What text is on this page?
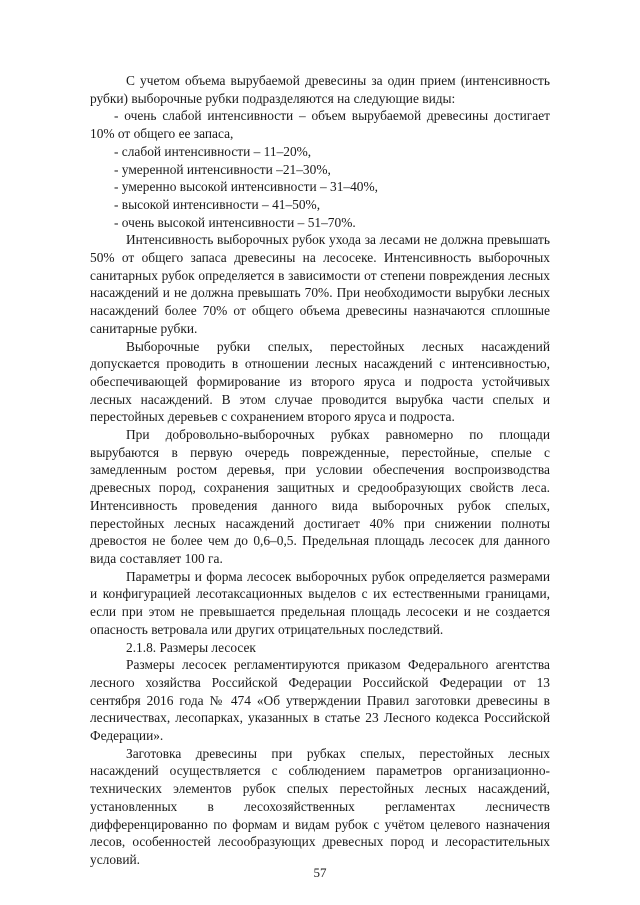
С учетом объема вырубаемой древесины за один прием (интенсивность рубки) выборочные рубки подразделяются на следующие виды:

- очень слабой интенсивности – объем вырубаемой древесины достигает 10% от общего ее запаса,

- слабой интенсивности – 11–20%,

- умеренной интенсивности –21–30%,

- умеренно высокой интенсивности – 31–40%,

- высокой интенсивности – 41–50%,

- очень высокой интенсивности – 51–70%.

Интенсивность выборочных рубок ухода за лесами не должна превышать 50% от общего запаса древесины на лесосеке. Интенсивность выборочных санитарных рубок определяется в зависимости от степени повреждения лесных насаждений и не должна превышать 70%. При необходимости вырубки лесных насаждений более 70% от общего объема древесины назначаются сплошные санитарные рубки.

Выборочные рубки спелых, перестойных лесных насаждений допускается проводить в отношении лесных насаждений с интенсивностью, обеспечивающей формирование из второго яруса и подроста устойчивых лесных насаждений. В этом случае проводится вырубка части спелых и перестойных деревьев с сохранением второго яруса и подроста.

При добровольно-выборочных рубках равномерно по площади вырубаются в первую очередь поврежденные, перестойные, спелые с замедленным ростом деревья, при условии обеспечения воспроизводства древесных пород, сохранения защитных и средообразующих свойств леса. Интенсивность проведения данного вида выборочных рубок спелых, перестойных лесных насаждений достигает 40% при снижении полноты древостоя не более чем до 0,6–0,5. Предельная площадь лесосек для данного вида составляет 100 га.

Параметры и форма лесосек выборочных рубок определяется размерами и конфигурацией лесотаксационных выделов с их естественными границами, если при этом не превышается предельная площадь лесосеки и не создается опасность ветровала или других отрицательных последствий.

2.1.8. Размеры лесосек

Размеры лесосек регламентируются приказом Федерального агентства лесного хозяйства Российской Федерации Российской Федерации от 13 сентября 2016 года № 474 «Об утверждении Правил заготовки древесины в лесничествах, лесопарках, указанных в статье 23 Лесного кодекса Российской Федерации».

Заготовка древесины при рубках спелых, перестойных лесных насаждений осуществляется с соблюдением параметров организационно-технических элементов рубок спелых перестойных лесных насаждений, установленных в лесохозяйственных регламентах лесничеств дифференцированно по формам и видам рубок с учётом целевого назначения лесов, особенностей лесообразующих древесных пород и лесорастительных условий.

57
